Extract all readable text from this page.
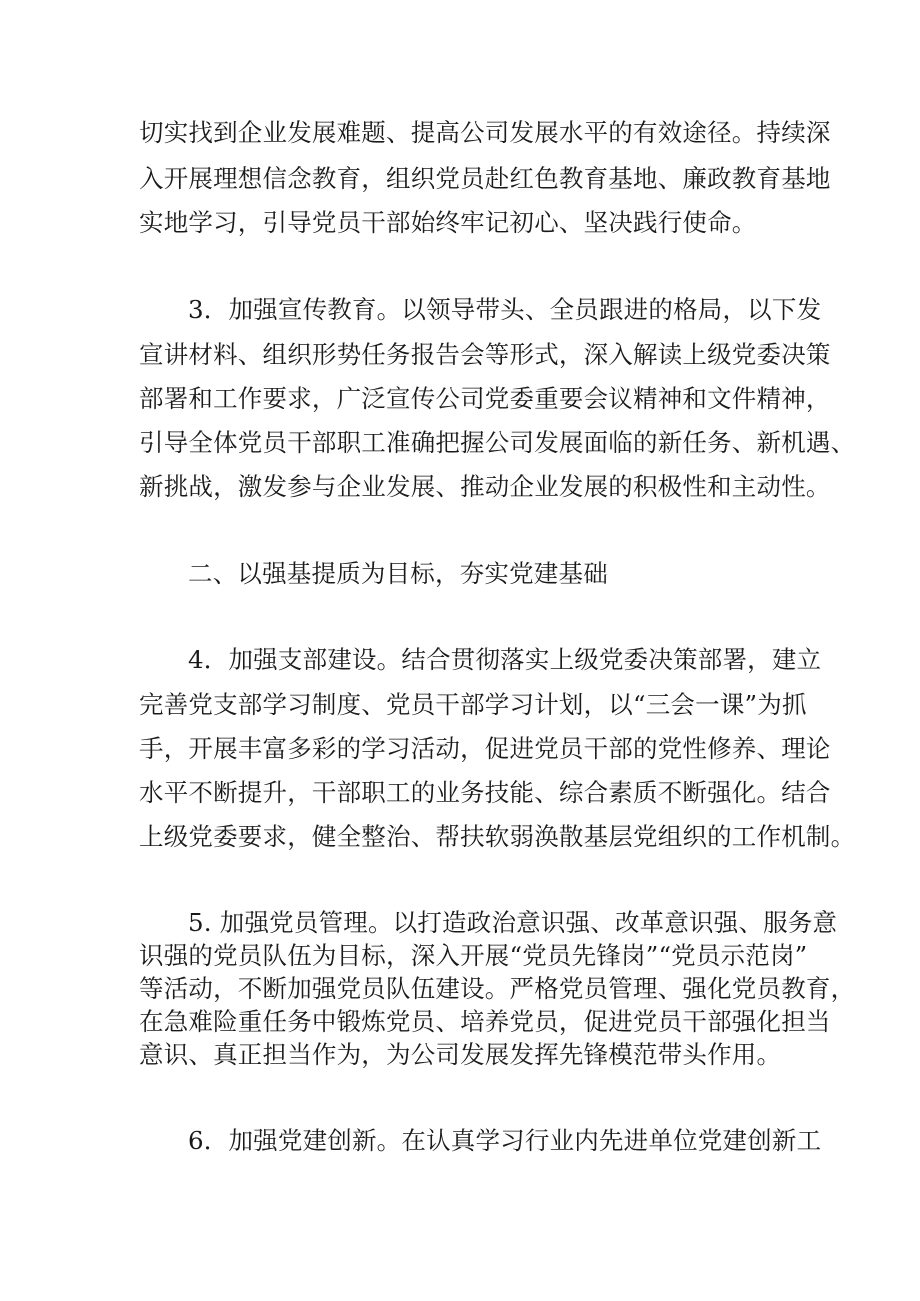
切实找到企业发展难题、提高公司发展水平的有效途径。持续深
入开展理想信念教育，组织党员赴红色教育基地、廉政教育基地
实地学习，引导党员干部始终牢记初心、坚决践行使命。
3．加强宣传教育。以领导带头、全员跟进的格局，以下发
宣讲材料、组织形势任务报告会等形式，深入解读上级党委决策
部署和工作要求，广泛宣传公司党委重要会议精神和文件精神，
引导全体党员干部职工准确把握公司发展面临的新任务、新机遇、
新挑战，激发参与企业发展、推动企业发展的积极性和主动性。
二、以强基提质为目标，夯实党建基础
4．加强支部建设。结合贯彻落实上级党委决策部署，建立
完善党支部学习制度、党员干部学习计划，以“三会一课”为抓
手，开展丰富多彩的学习活动，促进党员干部的党性修养、理论
水平不断提升，干部职工的业务技能、综合素质不断强化。结合
上级党委要求，健全整治、帮扶软弱涣散基层党组织的工作机制。
5. 加强党员管理。以打造政治意识强、改革意识强、服务意
识强的党员队伍为目标，深入开展“党员先锋岗”“党员示范岗”
等活动，不断加强党员队伍建设。严格党员管理、强化党员教育，
在急难险重任务中锻炼党员、培养党员，促进党员干部强化担当
意识、真正担当作为，为公司发展发挥先锋模范带头作用。
6．加强党建创新。在认真学习行业内先进单位党建创新工
